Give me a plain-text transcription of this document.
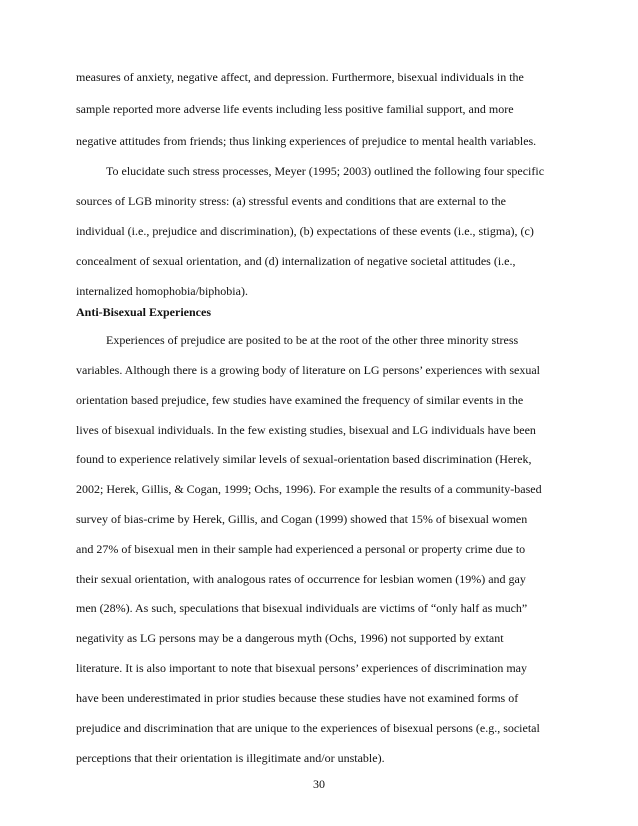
measures of anxiety, negative affect, and depression. Furthermore, bisexual individuals in the
sample reported more adverse life events including less positive familial support, and more
negative attitudes from friends; thus linking experiences of prejudice to mental health variables.
To elucidate such stress processes, Meyer (1995; 2003) outlined the following four specific
sources of LGB minority stress: (a) stressful events and conditions that are external to the
individual (i.e., prejudice and discrimination), (b) expectations of these events (i.e., stigma), (c)
concealment of sexual orientation, and (d) internalization of negative societal attitudes (i.e.,
internalized homophobia/biphobia).
Anti-Bisexual Experiences
Experiences of prejudice are posited to be at the root of the other three minority stress
variables. Although there is a growing body of literature on LG persons’ experiences with sexual
orientation based prejudice, few studies have examined the frequency of similar events in the
lives of bisexual individuals. In the few existing studies, bisexual and LG individuals have been
found to experience relatively similar levels of sexual-orientation based discrimination (Herek,
2002; Herek, Gillis, & Cogan, 1999; Ochs, 1996). For example the results of a community-based
survey of bias-crime by Herek, Gillis, and Cogan (1999) showed that 15% of bisexual women
and 27% of bisexual men in their sample had experienced a personal or property crime due to
their sexual orientation, with analogous rates of occurrence for lesbian women (19%) and gay
men (28%). As such, speculations that bisexual individuals are victims of “only half as much”
negativity as LG persons may be a dangerous myth (Ochs, 1996) not supported by extant
literature. It is also important to note that bisexual persons’ experiences of discrimination may
have been underestimated in prior studies because these studies have not examined forms of
prejudice and discrimination that are unique to the experiences of bisexual persons (e.g., societal
perceptions that their orientation is illegitimate and/or unstable).
30
